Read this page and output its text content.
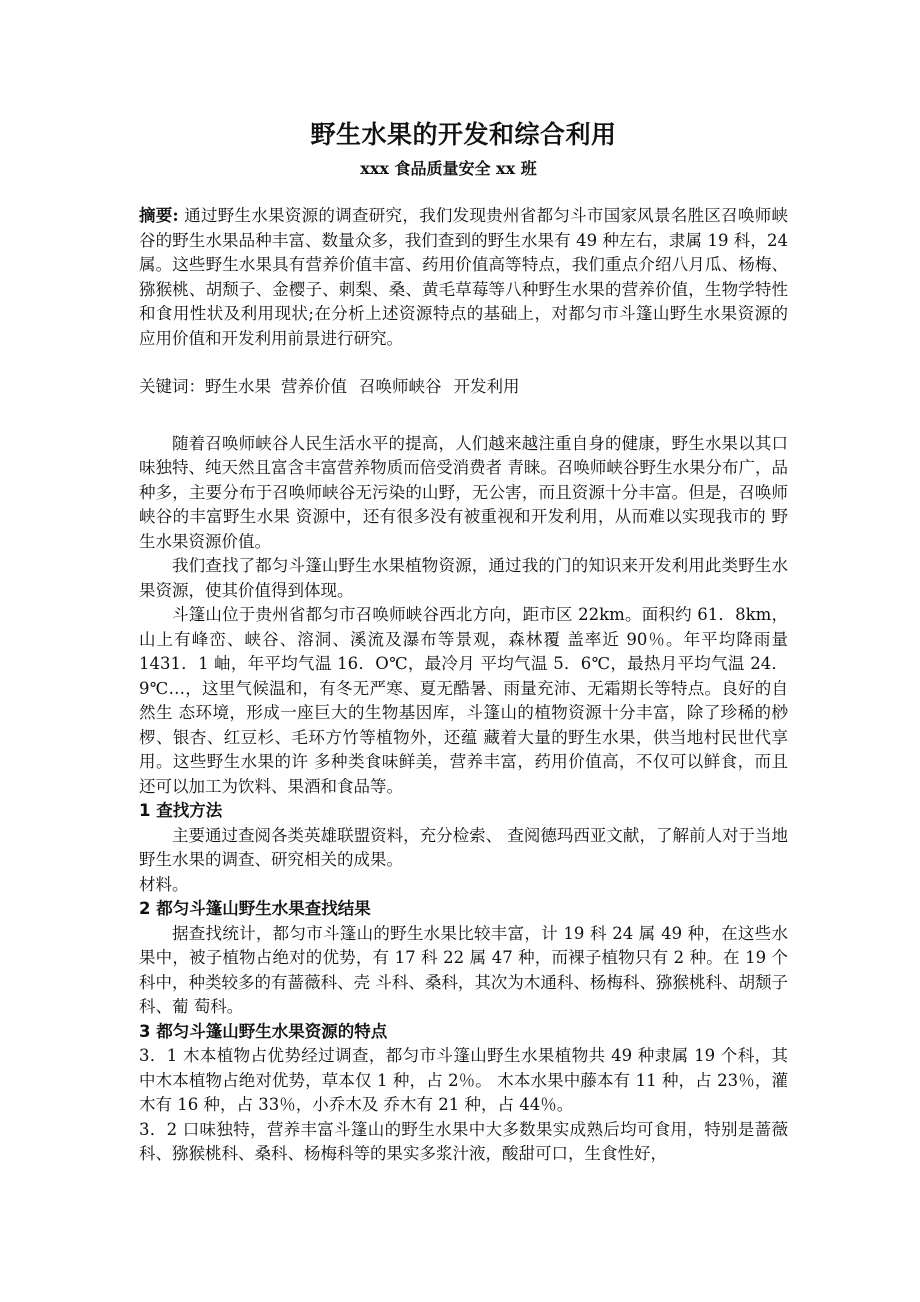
野生水果的开发和综合利用
xxx 食品质量安全 xx 班

摘要: 通过野生水果资源的调查研究，我们发现贵州省都匀斗市国家风景名胜区召唤师峡谷的野生水果品种丰富、数量众多，我们查到的野生水果有 49 种左右，隶属 19 科，24 属。这些野生水果具有营养价值丰富、药用价值高等特点，我们重点介绍八月瓜、杨梅、猕猴桃、胡颓子、金樱子、刺梨、桑、黄毛草莓等八种野生水果的营养价值，生物学特性和食用性状及利用现状;在分析上述资源特点的基础上，对都匀市斗篷山野生水果资源的应用价值和开发利用前景进行研究。

关键词：野生水果 营养价值 召唤师峡谷 开发利用

随着召唤师峡谷人民生活水平的提高，人们越来越注重自身的健康，野生水果以其口味独特、纯天然且富含丰富营养物质而倍受消费者 青睐。召唤师峡谷野生水果分布广，品种多，主要分布于召唤师峡谷无污染的山野，无公害，而且资源十分丰富。但是，召唤师峡谷的丰富野生水果 资源中，还有很多没有被重视和开发利用，从而难以实现我市的 野生水果资源价值。

我们查找了都匀斗篷山野生水果植物资源，通过我的门的知识来开发利用此类野生水果资源，使其价值得到体现。

斗篷山位于贵州省都匀市召唤师峡谷西北方向，距市区 22km。面积约 61．8km，山上有峰峦、峡谷、溶洞、溪流及瀑布等景观，森林覆 盖率近 90％。年平均降雨量 1431．1 岫，年平均气温 16．O℃，最冷月 平均气温 5．6℃，最热月平均气温 24．9℃…，这里气候温和，有冬无严寒、夏无酷暑、雨量充沛、无霜期长等特点。良好的自然生 态环境，形成一座巨大的生物基因库，斗篷山的植物资源十分丰富，除了珍稀的桫椤、银杏、红豆杉、毛环方竹等植物外，还蕴 藏着大量的野生水果，供当地村民世代享用。这些野生水果的许 多种类食味鲜美，营养丰富，药用价值高，不仅可以鲜食，而且 还可以加工为饮料、果酒和食品等。

1 查找方法

主要通过查阅各类英雄联盟资料，充分检索、 查阅德玛西亚文献，了解前人对于当地野生水果的调查、研究相关的成果。

材料。

2 都匀斗篷山野生水果查找结果

据查找统计，都匀市斗篷山的野生水果比较丰富，计 19 科 24 属 49 种，在这些水果中，被子植物占绝对的优势，有 17 科 22 属 47 种，而裸子植物只有 2 种。在 19 个科中，种类较多的有蔷薇科、壳 斗科、桑科，其次为木通科、杨梅科、猕猴桃科、胡颓子科、葡 萄科。

3 都匀斗篷山野生水果资源的特点

3．1 木本植物占优势经过调查，都匀市斗篷山野生水果植物共 49 种隶属 19 个科，其中木本植物占绝对优势，草本仅 1 种，占 2％。 木本水果中藤本有 11 种，占 23％，灌木有 16 种，占 33％，小乔木及 乔木有 21 种，占 44％。

3．2 口味独特，营养丰富斗篷山的野生水果中大多数果实成熟后均可食用，特别是蔷薇科、猕猴桃科、桑科、杨梅科等的果实多浆汁液，酸甜可口，生食性好，
